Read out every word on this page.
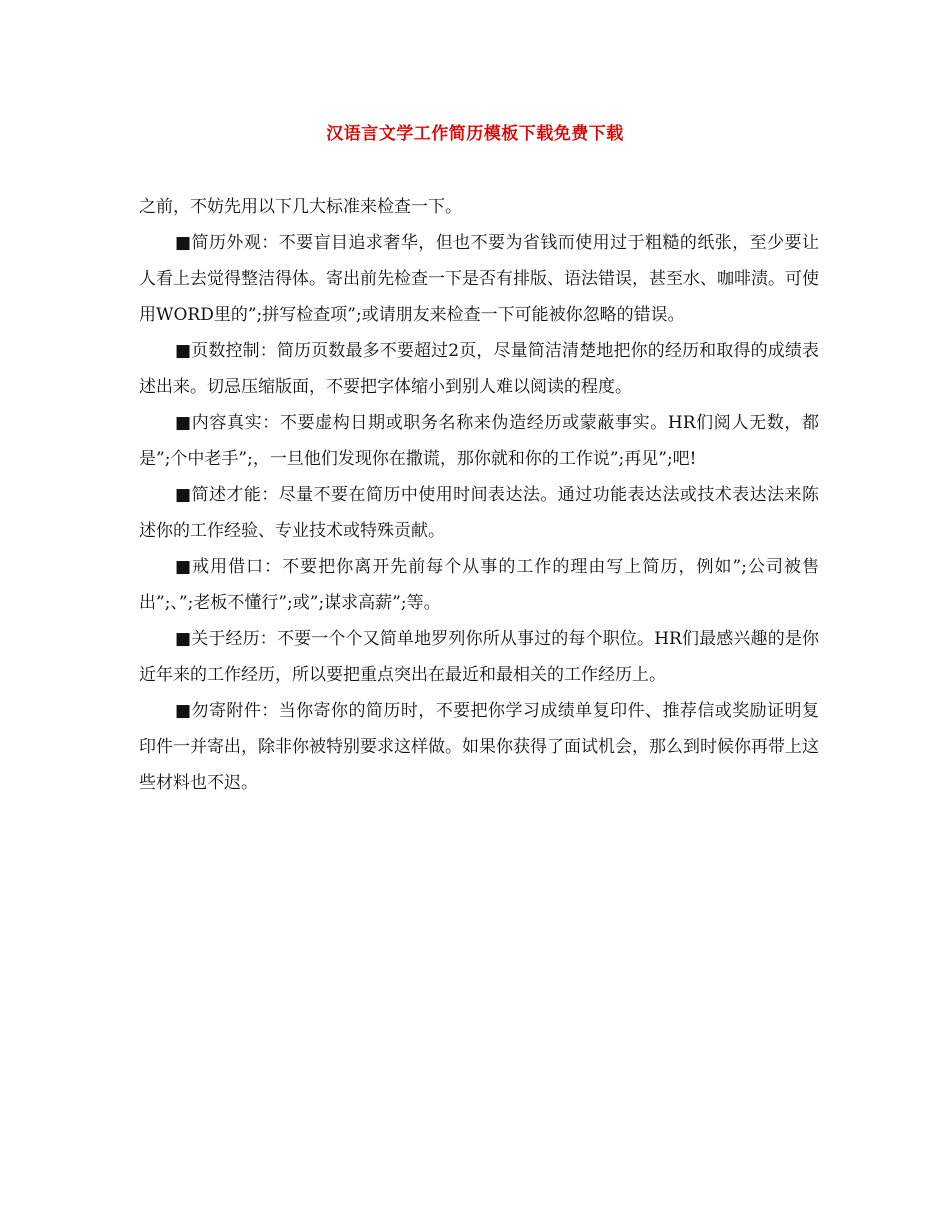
汉语言文学工作简历模板下载免费下载

之前，不妨先用以下几大标准来检查一下。

■简历外观：不要盲目追求奢华，但也不要为省钱而使用过于粗糙的纸张，至少要让人看上去觉得整洁得体。寄出前先检查一下是否有排版、语法错误，甚至水、咖啡渍。可使用WORD里的”;拼写检查项”;或请朋友来检查一下可能被你忽略的错误。

■页数控制：简历页数最多不要超过2页，尽量简洁清楚地把你的经历和取得的成绩表述出来。切忌压缩版面，不要把字体缩小到别人难以阅读的程度。

■内容真实：不要虚构日期或职务名称来伪造经历或蒙蔽事实。HR们阅人无数，都是”;个中老手”;，一旦他们发现你在撒谎，那你就和你的工作说”;再见”;吧!

■简述才能：尽量不要在简历中使用时间表达法。通过功能表达法或技术表达法来陈述你的工作经验、专业技术或特殊贡献。

■戒用借口：不要把你离开先前每个从事的工作的理由写上简历，例如”;公司被售出”;、”;老板不懂行”;或”;谋求高薪”;等。

■关于经历：不要一个个又简单地罗列你所从事过的每个职位。HR们最感兴趣的是你近年来的工作经历，所以要把重点突出在最近和最相关的工作经历上。

■勿寄附件：当你寄你的简历时，不要把你学习成绩单复印件、推荐信或奖励证明复印件一并寄出，除非你被特别要求这样做。如果你获得了面试机会，那么到时候你再带上这些材料也不迟。
